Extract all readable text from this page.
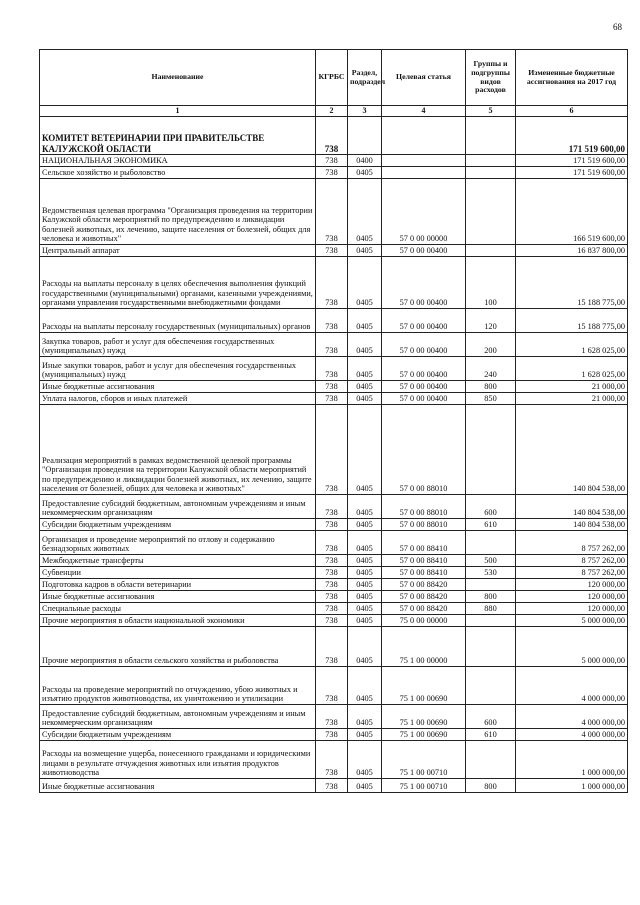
68
Наименование	КГРБС	Раздел, подраздел	Целевая статья	Группы и подгруппы видов расходов	Измененные бюджетные ассигнования на 2017 год
1	2	3	4	5	6
КОМИТЕТ ВЕТЕРИНАРИИ ПРИ ПРАВИТЕЛЬСТВЕ КАЛУЖСКОЙ ОБЛАСТИ	738				171 519 600,00
НАЦИОНАЛЬНАЯ ЭКОНОМИКА	738	0400			171 519 600,00
Сельское хозяйство и рыболовство	738	0405			171 519 600,00
Ведомственная целевая программа "Организация проведения на территории Калужской области мероприятий по предупреждению и ликвидации болезней животных, их лечению, защите населения от болезней, общих для человека и животных"	738	0405	57 0 00 00000		166 519 600,00
Центральный аппарат	738	0405	57 0 00 00400		16 837 800,00
Расходы на выплаты персоналу в целях обеспечения выполнения функций государственными (муниципальными) органами, казенными учреждениями, органами управления государственными внебюджетными фондами	738	0405	57 0 00 00400	100	15 188 775,00
Расходы на выплаты персоналу государственных (муниципальных) органов	738	0405	57 0 00 00400	120	15 188 775,00
Закупка товаров, работ и услуг для обеспечения государственных (муниципальных) нужд	738	0405	57 0 00 00400	200	1 628 025,00
Иные закупки товаров, работ и услуг для обеспечения государственных (муниципальных) нужд	738	0405	57 0 00 00400	240	1 628 025,00
Иные бюджетные ассигнования	738	0405	57 0 00 00400	800	21 000,00
Уплата налогов, сборов и иных платежей	738	0405	57 0 00 00400	850	21 000,00
Реализация мероприятий в рамках ведомственной целевой программы "Организация проведения на территории Калужской области мероприятий по предупреждению и ликвидации болезней животных, их лечению, защите населения от болезней, общих для человека и животных"	738	0405	57 0 00 88010		140 804 538,00
Предоставление субсидий бюджетным, автономным учреждениям и иным некоммерческим организациям	738	0405	57 0 00 88010	600	140 804 538,00
Субсидии бюджетным учреждениям	738	0405	57 0 00 88010	610	140 804 538,00
Организация и проведение мероприятий по отлову и содержанию безнадзорных животных	738	0405	57 0 00 88410		8 757 262,00
Межбюджетные трансферты	738	0405	57 0 00 88410	500	8 757 262,00
Субвенции	738	0405	57 0 00 88410	530	8 757 262,00
Подготовка кадров в области ветеринарии	738	0405	57 0 00 88420		120 000,00
Иные бюджетные ассигнования	738	0405	57 0 00 88420	800	120 000,00
Специальные расходы	738	0405	57 0 00 88420	880	120 000,00
Прочие мероприятия в области национальной экономики	738	0405	75 0 00 00000		5 000 000,00
Прочие мероприятия в области сельского хозяйства и рыболовства	738	0405	75 1 00 00000		5 000 000,00
Расходы на проведение мероприятий по отчуждению, убою животных и изъятию продуктов животноводства, их уничтожению и утилизации	738	0405	75 1 00 00690		4 000 000,00
Предоставление субсидий бюджетным, автономным учреждениям и иным некоммерческим организациям	738	0405	75 1 00 00690	600	4 000 000,00
Субсидии бюджетным учреждениям	738	0405	75 1 00 00690	610	4 000 000,00
Расходы на возмещение ущерба, понесенного гражданами и юридическими лицами в результате отчуждения животных или изъятия продуктов животноводства	738	0405	75 1 00 00710		1 000 000,00
Иные бюджетные ассигнования	738	0405	75 1 00 00710	800	1 000 000,00
